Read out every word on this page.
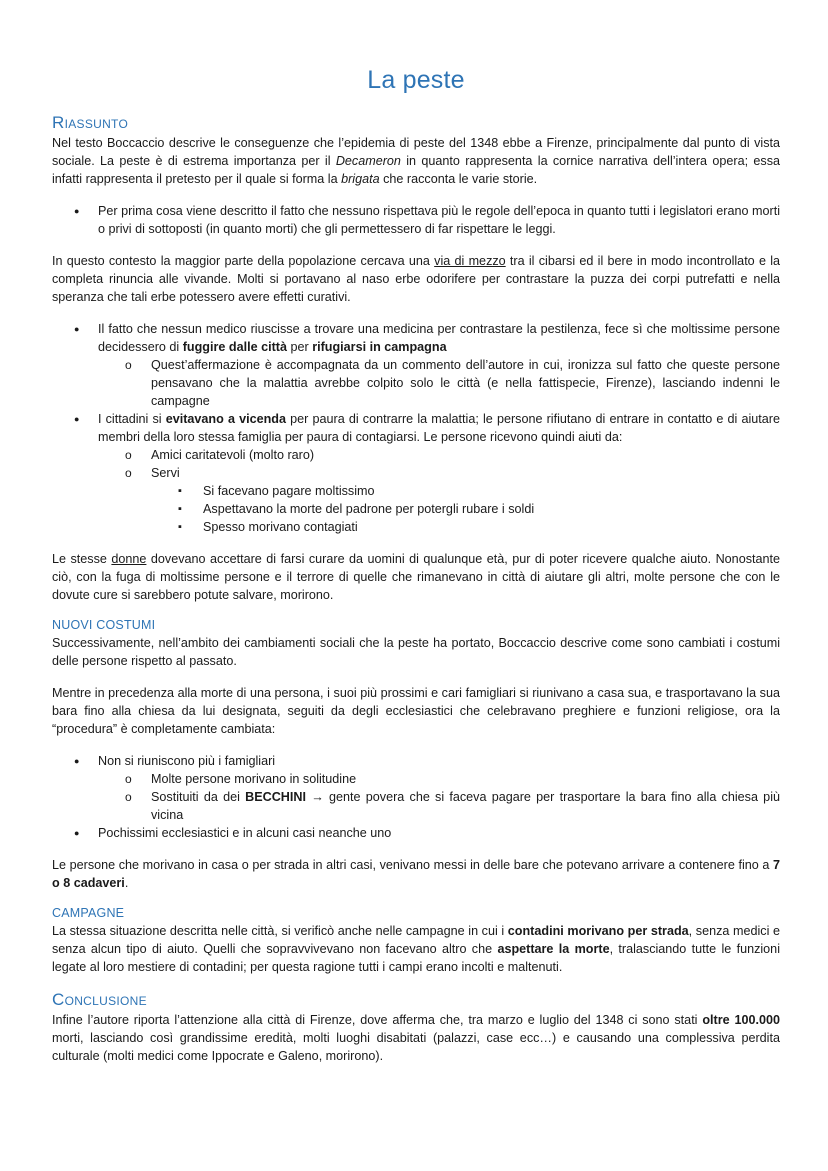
La peste
Riassunto

Nel testo Boccaccio descrive le conseguenze che l’epidemia di peste del 1348 ebbe a Firenze, principalmente dal punto di vista sociale. La peste è di estrema importanza per il Decameron in quanto rappresenta la cornice narrativa dell’intera opera; essa infatti rappresenta il pretesto per il quale si forma la brigata che racconta le varie storie.

● Per prima cosa viene descritto il fatto che nessuno rispettava più le regole dell’epoca in quanto tutti i legislatori erano morti o privi di sottoposti (in quanto morti) che gli permettessero di far rispettare le leggi.

In questo contesto la maggior parte della popolazione cercava una via di mezzo tra il cibarsi ed il bere in modo incontrollato e la completa rinuncia alle vivande. Molti si portavano al naso erbe odorifere per contrastare la puzza dei corpi putrefatti e nella speranza che tali erbe potessero avere effetti curativi.

● Il fatto che nessun medico riuscisse a trovare una medicina per contrastare la pestilenza, fece sì che moltissime persone decidessero di fuggire dalle città per rifugiarsi in campagna
o Quest’affermazione è accompagnata da un commento dell’autore in cui, ironizza sul fatto che queste persone pensavano che la malattia avrebbe colpito solo le città (e nella fattispecie, Firenze), lasciando indenni le campagne
● I cittadini si evitavano a vicenda per paura di contrarre la malattia; le persone rifiutano di entrare in contatto e di aiutare membri della loro stessa famiglia per paura di contagiarsi. Le persone ricevono quindi aiuti da:
o Amici caritatevoli (molto raro)
o Servi
▪ Si facevano pagare moltissimo
▪ Aspettavano la morte del padrone per potergli rubare i soldi
▪ Spesso morivano contagiati

Le stesse donne dovevano accettare di farsi curare da uomini di qualunque età, pur di poter ricevere qualche aiuto. Nonostante ciò, con la fuga di moltissime persone e il terrore di quelle che rimanevano in città di aiutare gli altri, molte persone che con le dovute cure si sarebbero potute salvare, morirono.

NUOVI COSTUMI

Successivamente, nell’ambito dei cambiamenti sociali che la peste ha portato, Boccaccio descrive come sono cambiati i costumi delle persone rispetto al passato.

Mentre in precedenza alla morte di una persona, i suoi più prossimi e cari famigliari si riunivano a casa sua, e trasportavano la sua bara fino alla chiesa da lui designata, seguiti da degli ecclesiastici che celebravano preghiere e funzioni religiose, ora la “procedura” è completamente cambiata:

● Non si riuniscono più i famigliari
o Molte persone morivano in solitudine
o Sostituiti da dei BECCHINI → gente povera che si faceva pagare per trasportare la bara fino alla chiesa più vicina
● Pochissimi ecclesiastici e in alcuni casi neanche uno

Le persone che morivano in casa o per strada in altri casi, venivano messi in delle bare che potevano arrivare a contenere fino a 7 o 8 cadaveri.

CAMPAGNE

La stessa situazione descritta nelle città, si verificò anche nelle campagne in cui i contadini morivano per strada, senza medici e senza alcun tipo di aiuto. Quelli che sopravvivevano non facevano altro che aspettare la morte, tralasciando tutte le funzioni legate al loro mestiere di contadini; per questa ragione tutti i campi erano incolti e maltenuti.

Conclusione

Infine l’autore riporta l’attenzione alla città di Firenze, dove afferma che, tra marzo e luglio del 1348 ci sono stati oltre 100.000 morti, lasciando così grandissime eredità, molti luoghi disabitati (palazzi, case ecc…) e causando una complessiva perdita culturale (molti medici come Ippocrate e Galeno, morirono).
